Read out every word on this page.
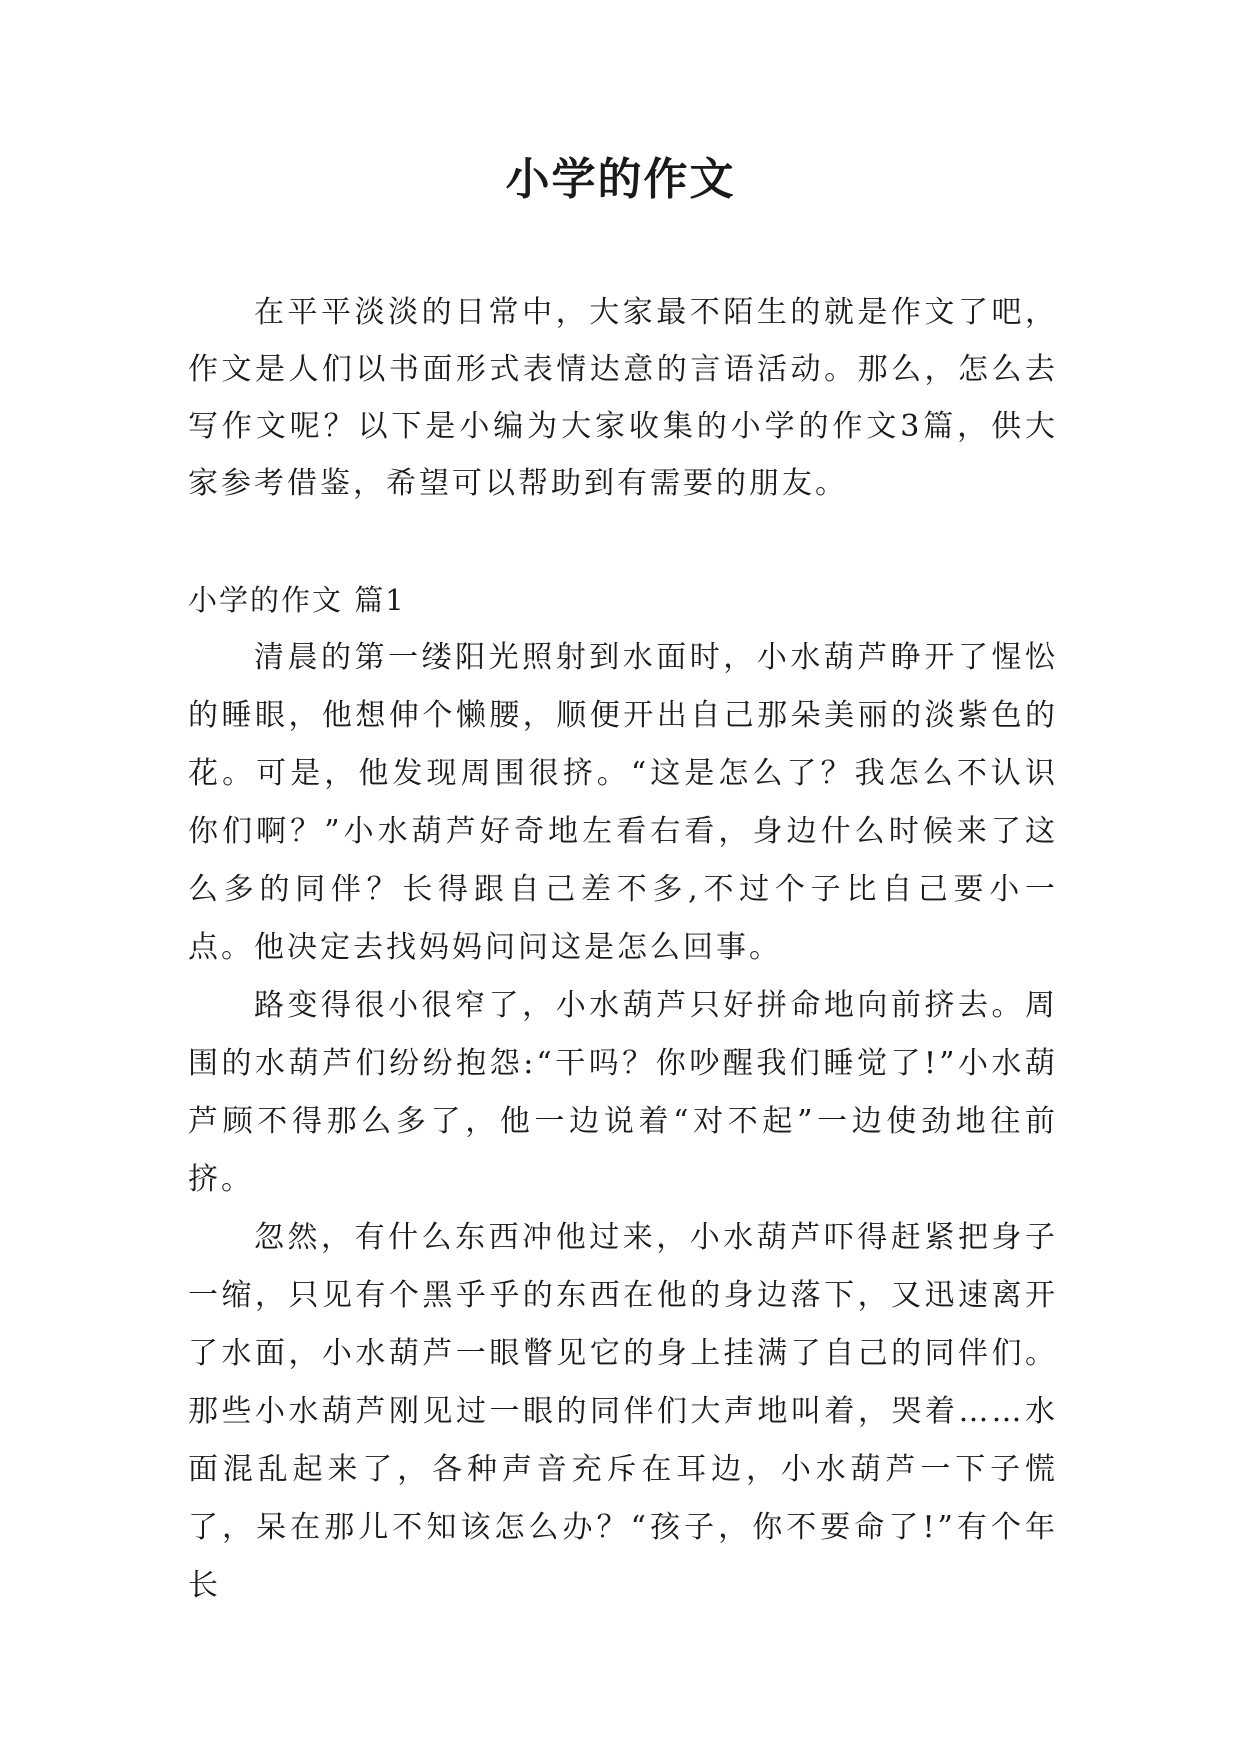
小学的作文

在平平淡淡的日常中，大家最不陌生的就是作文了吧，作文是人们以书面形式表情达意的言语活动。那么，怎么去写作文呢？以下是小编为大家收集的小学的作文3篇，供大家参考借鉴，希望可以帮助到有需要的朋友。

小学的作文 篇1

清晨的第一缕阳光照射到水面时，小水葫芦睁开了惺忪的睡眼，他想伸个懒腰，顺便开出自己那朵美丽的淡紫色的花。可是，他发现周围很挤。“这是怎么了？我怎么不认识你们啊？”小水葫芦好奇地左看右看，身边什么时候来了这么多的同伴？长得跟自己差不多,不过个子比自己要小一点。他决定去找妈妈问问这是怎么回事。

路变得很小很窄了，小水葫芦只好拼命地向前挤去。周围的水葫芦们纷纷抱怨:“干吗？你吵醒我们睡觉了!”小水葫芦顾不得那么多了，他一边说着“对不起”一边使劲地往前挤。

忽然，有什么东西冲他过来，小水葫芦吓得赶紧把身子一缩，只见有个黑乎乎的东西在他的身边落下，又迅速离开了水面，小水葫芦一眼瞥见它的身上挂满了自己的同伴们。那些小水葫芦刚见过一眼的同伴们大声地叫着，哭着……水面混乱起来了，各种声音充斥在耳边，小水葫芦一下子慌了，呆在那儿不知该怎么办？“孩子，你不要命了!”有个年长
